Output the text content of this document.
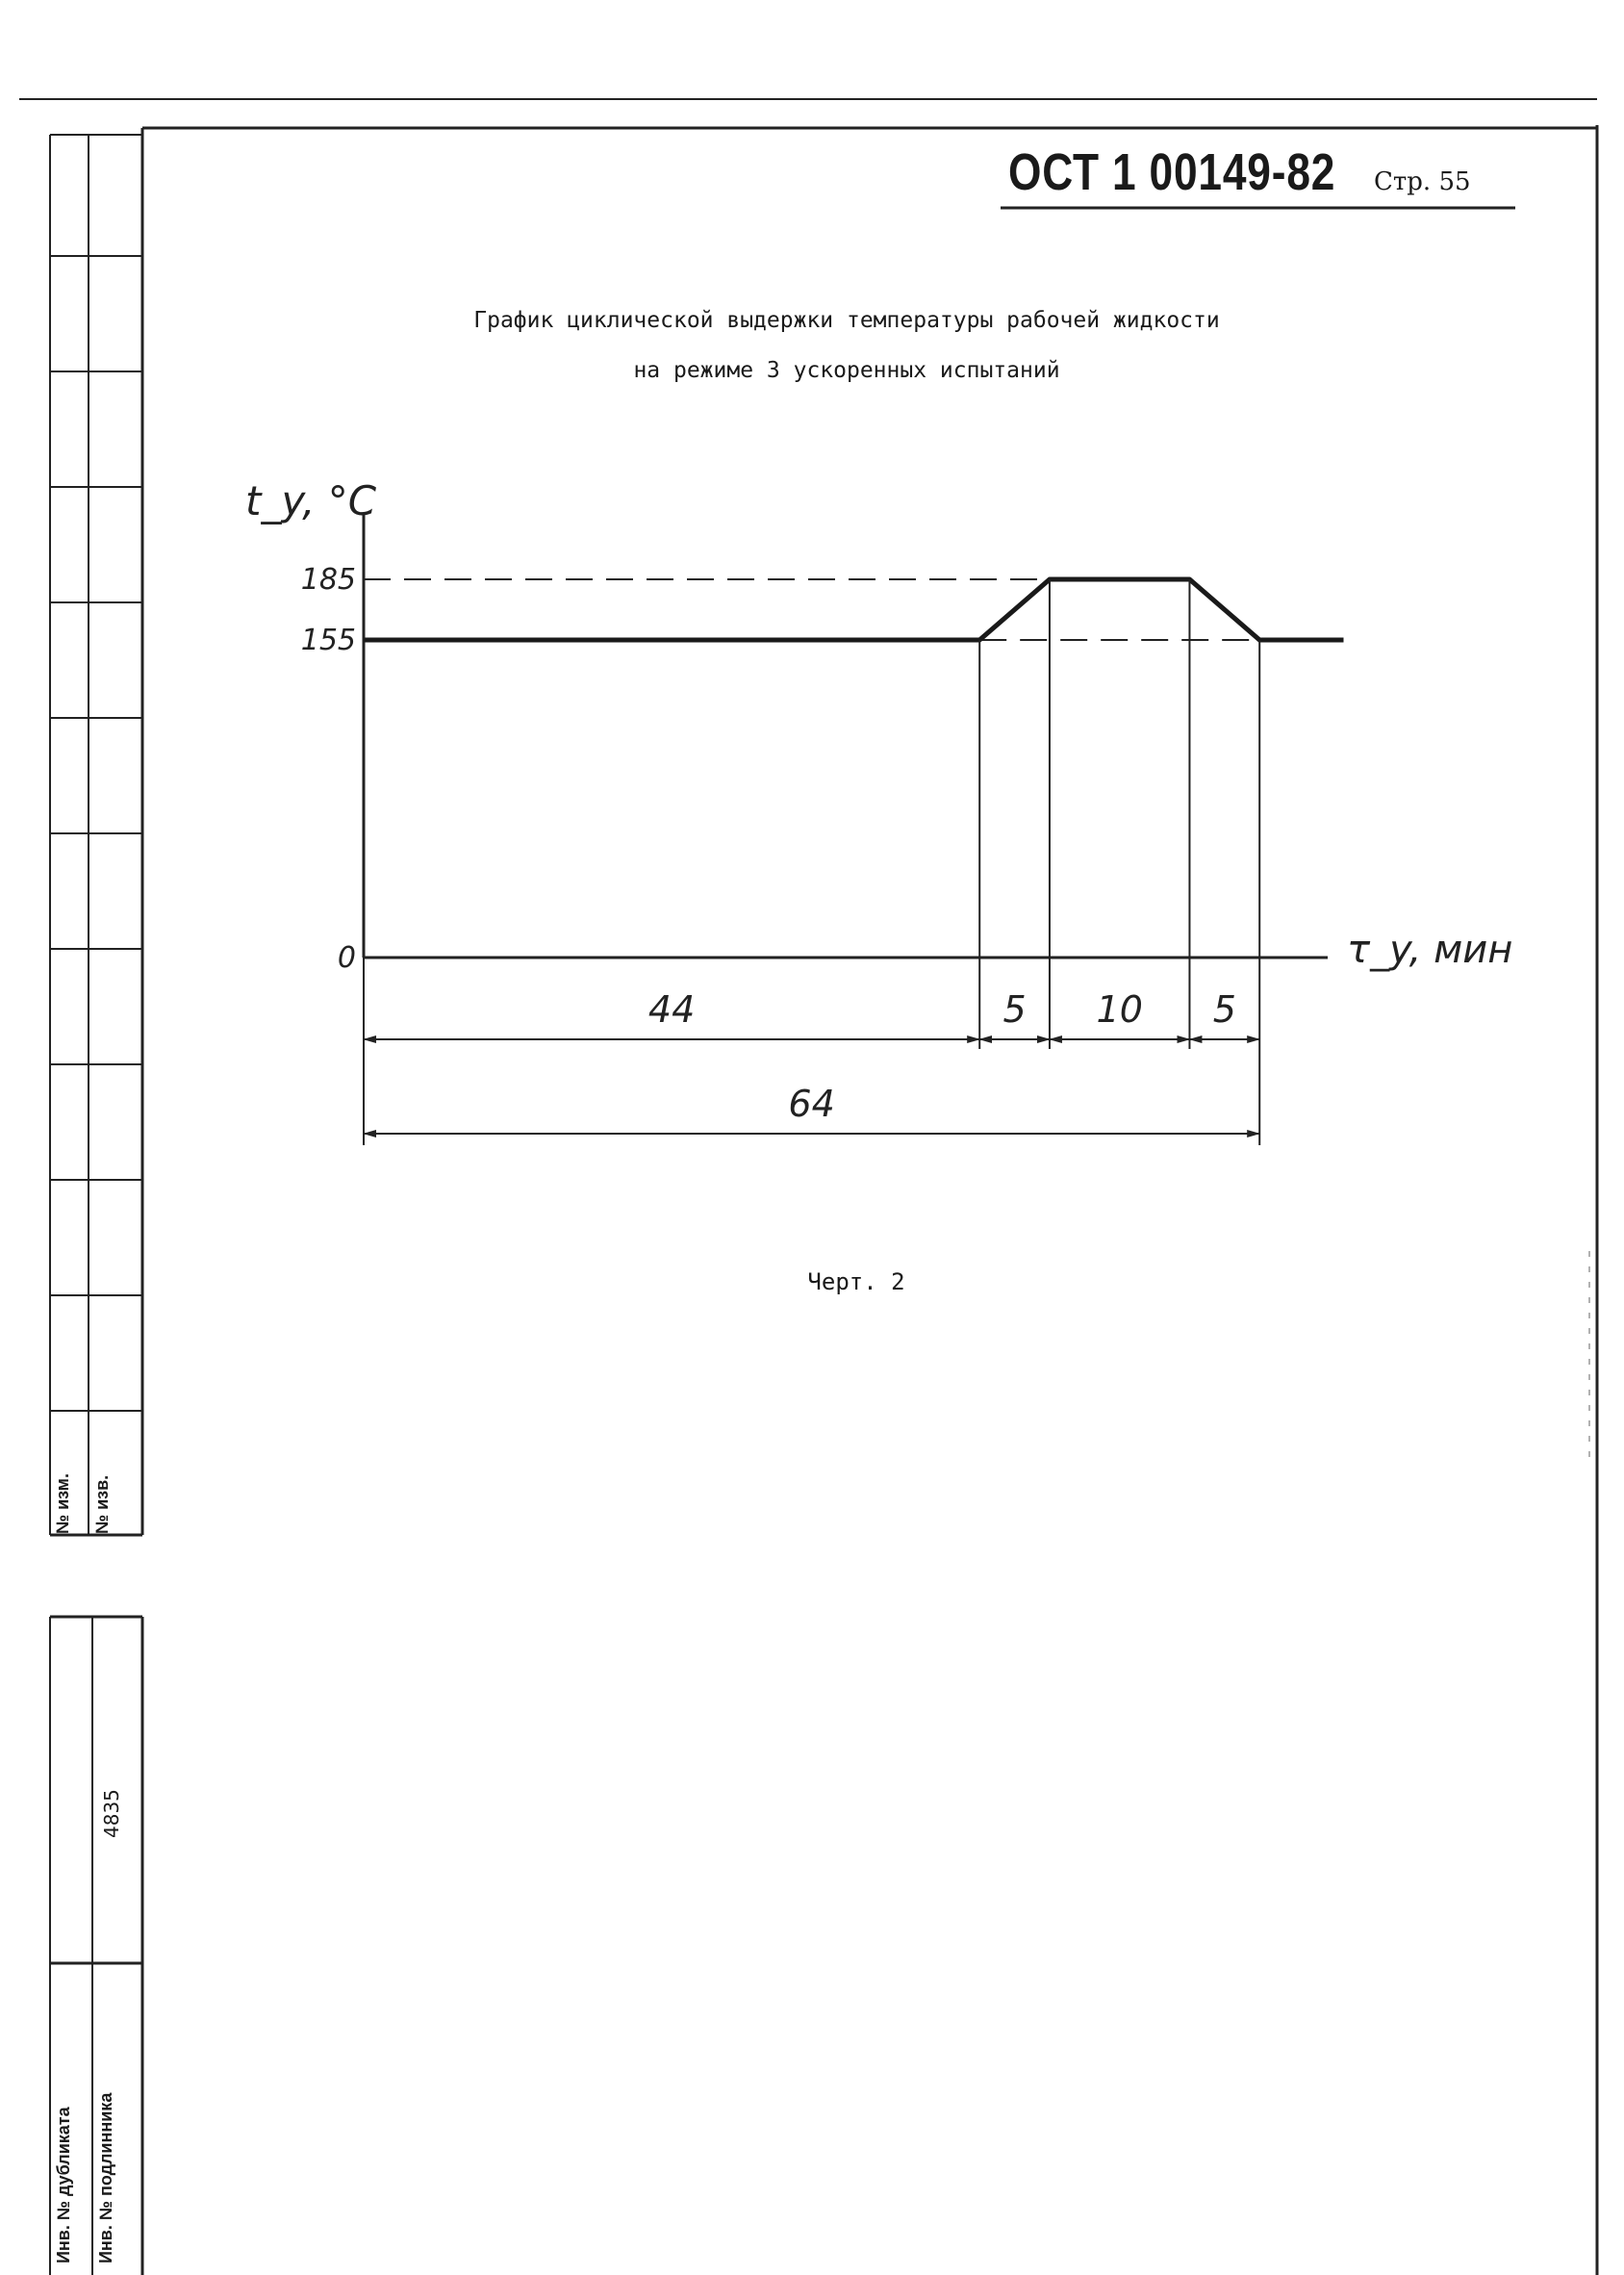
ОСТ 1 00149-82 Стр. 55
График циклической выдержки температуры рабочей жидкости
на режиме 3 ускоренных испытаний
0
155
185
t_y, °C
τ_y, мин
44	5 10 5
64
Черт. 2
№ изм. № изв.
4835
Инв. № дубликата Инв. № подлинника
